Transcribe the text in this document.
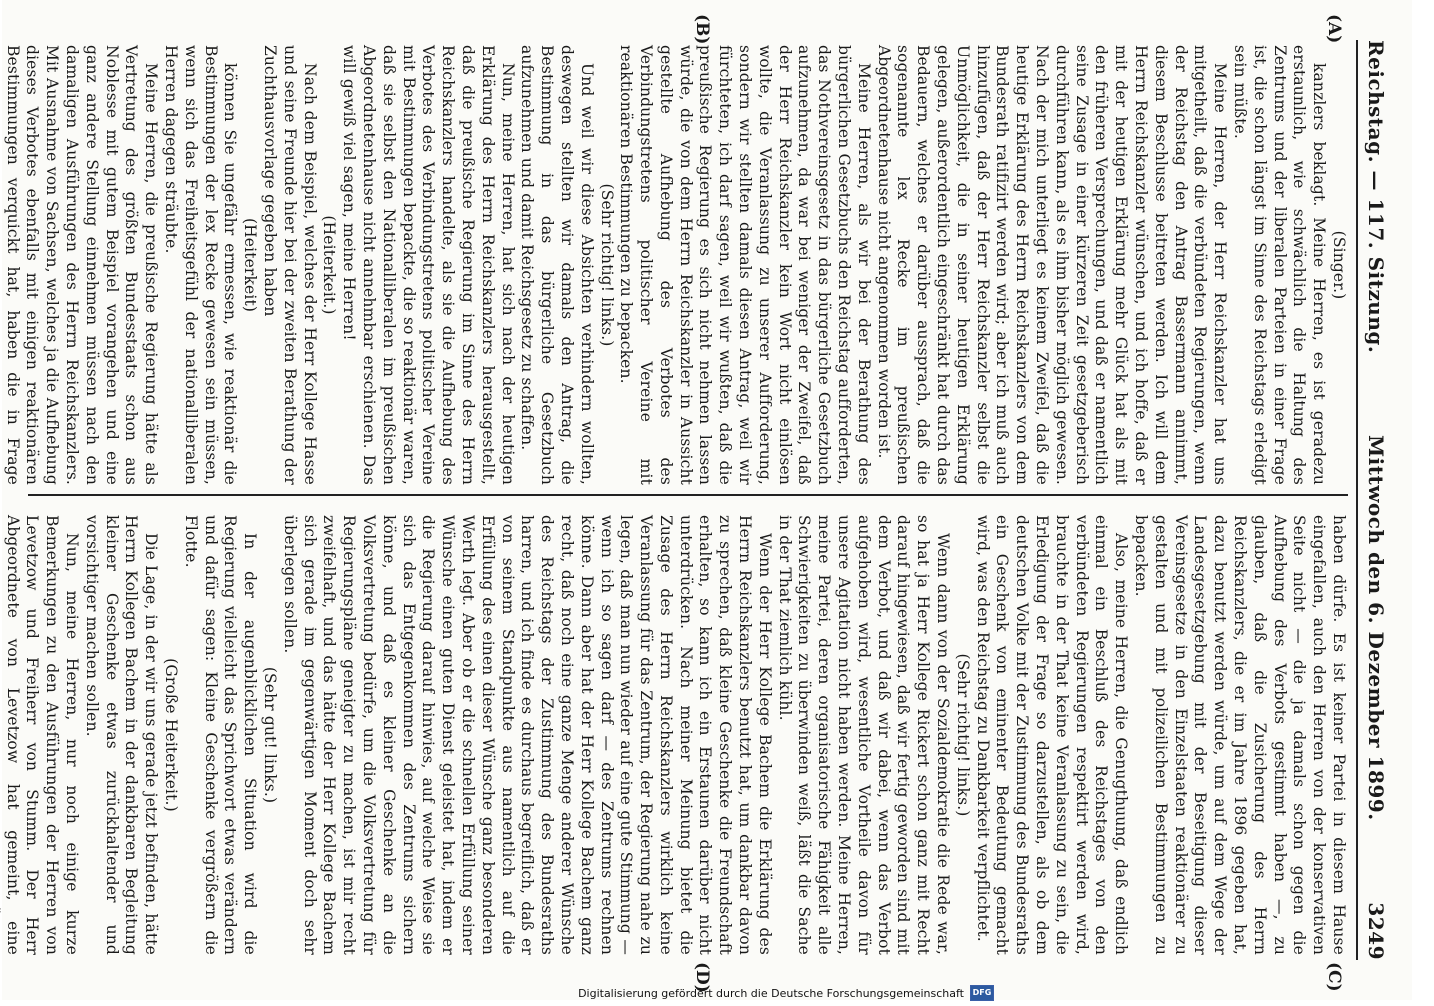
Reichstag. — 117. Sitzung.
Mittwoch den 6. Dezember 1899.
3249
(A)
(B)
(C)
(D)

(Singer.)

kanzlers beklagt. Meine Herren, es ist geradezu erstaunlich, wie schwächlich die Haltung des Zentrums und der liberalen Parteien in einer Frage ist, die schon längst im Sinne des Reichstags erledigt sein müßte.

Meine Herren, der Herr Reichskanzler hat uns mitgetheilt, daß die verbündeten Regierungen, wenn der Reichstag den Antrag Bassermann annimmt, diesem Beschlusse beitreten werden. Ich will dem Herrn Reichskanzler wünschen, und ich hoffe, daß er mit der heutigen Erklärung mehr Glück hat als mit den früheren Versprechungen, und daß er namentlich seine Zusage in einer kürzeren Zeit gesetzgeberisch durchführen kann, als es ihm bisher möglich gewesen. Nach der mich unterliegt es keinem Zweifel, daß die heutige Erklärung des Herrn Reichskanzlers von dem Bundesrath ratifizirt werden wird; aber ich muß auch hinzufügen, daß der Herr Reichskanzler selbst die Unmöglichkeit, die in seiner heutigen Erklärung gelegen, außerordentlich eingeschränkt hat durch das Bedauern, welches er darüber aussprach, daß die sogenannte lex Recke im preußischen Abgeordnetenhause nicht angenommen worden ist.

Meine Herren, als wir bei der Berathung des bürgerlichen Gesetzbuchs den Reichstag aufforderten, das Nothvereinsgesetz in das bürgerliche Gesetzbuch aufzunehmen, da war bei weniger der Zweifel, daß der Herr Reichskanzler kein Wort nicht einlösen wollte, die Veranlassung zu unserer Aufforderung, sondern wir stellten damals diesen Antrag, weil wir fürchteten, ich darf sagen, weil wir wußten, daß die preußische Regierung es sich nicht nehmen lassen würde, die von dem Herrn Reichskanzler in Aussicht gestellte Aufhebung des Verbotes des Verbindungstretens politischer Vereine mit reaktionären Bestimmungen zu bepacken.

(Sehr richtig! links.)

Und weil wir diese Absichten verhindern wollten, deswegen stellten wir damals den Antrag, die Bestimmung in das bürgerliche Gesetzbuch aufzunehmen und damit Reichsgesetz zu schaffen.

Nun, meine Herren, hat sich nach der heutigen Erklärung des Herrn Reichskanzlers herausgestellt, daß die preußische Regierung im Sinne des Herrn Reichskanzlers handelte, als sie die Aufhebung des Verbotes des Verbindungstretens politischer Vereine mit Bestimmungen bepackte, die so reaktionär waren, daß sie selbst den Nationalliberalen im preußischen Abgeordnetenhause nicht annehmbar erschienen. Das will gewiß viel sagen, meine Herren!

(Heiterkeit.)

Nach dem Beispiel, welches der Herr Kollege Hasse und seine Freunde hier bei der zweiten Berathung der Zuchthausvorlage gegeben haben

(Heiterkeit)

können Sie ungefähr ermessen, wie reaktionär die Bestimmungen der lex Recke gewesen sein müssen, wenn sich das Freiheitsgefühl der nationalliberalen Herren dagegen sträubte.

Meine Herren, die preußische Regierung hätte als Vertretung des größten Bundesstaats schon aus Noblesse mit gutem Beispiel vorangehen und eine ganz andere Stellung einnehmen müssen nach den damaligen Ausführungen des Herrn Reichskanzlers. Mit Ausnahme von Sachsen, welches ja die Aufhebung dieses Verbotes ebenfalls mit einigen reaktionären Bestimmungen verquickt hat, haben die in Frage

haben dürfe. Es ist keiner Partei in diesem Hause eingefallen, auch den Herren von der konservativen Seite nicht — die ja damals schon gegen die Aufhebung des Verbots gestimmt haben —, zu glauben, daß die Zusicherung des Herrn Reichskanzlers, die er im Jahre 1896 gegeben hat, dazu benutzt werden würde, um auf dem Wege der Landesgesetzgebung mit der Beseitigung dieser Vereinsgesetze in den Einzelstaaten reaktionärer zu gestalten und mit polizeilichen Bestimmungen zu bepacken.

Also, meine Herren, die Genugthuung, daß endlich einmal ein Beschluß des Reichstages von den verbündeten Regierungen respektirt werden wird, brauchte in der That keine Veranlassung zu sein, die Erledigung der Frage so darzustellen, als ob dem deutschen Volke mit der Zustimmung des Bundesraths ein Geschenk von eminenter Bedeutung gemacht wird, was den Reichstag zu Dankbarkeit verpflichtet.

(Sehr richtig! links.)

Wenn dann von der Sozialdemokratie die Rede war, so hat ja Herr Kollege Rickert schon ganz mit Recht darauf hingewiesen, daß wir fertig geworden sind mit dem Verbot, und daß wir dabei, wenn das Verbot aufgehoben wird, wesentliche Vortheile davon für unsere Agitation nicht haben werden. Meine Herren, meine Partei, deren organisatorische Fähigkeit alle Schwierigkeiten zu überwinden weiß, läßt die Sache in der That ziemlich kühl.

Wenn der Herr Kollege Bachem die Erklärung des Herrn Reichskanzlers benutzt hat, um dankbar davon zu sprechen, daß kleine Geschenke die Freundschaft erhalten, so kann ich ein Erstaunen darüber nicht unterdrücken. Nach meiner Meinung bietet die Zusage des Herrn Reichskanzlers wirklich keine Veranlassung für das Zentrum, der Regierung nahe zu legen, daß man nun wieder auf eine gute Stimmung — wenn ich so sagen darf — des Zentrums rechnen könne. Dann aber hat der Herr Kollege Bachem ganz recht, daß noch eine ganze Menge anderer Wünsche des Reichstags der Zustimmung des Bundesraths harren, und ich finde es durchaus begreiflich, daß er von seinem Standpunkte aus namentlich auf die Erfüllung des einen dieser Wünsche ganz besonderen Werth legt. Aber ob er die schnellen Erfüllung seiner Wünsche einen guten Dienst geleistet hat, indem er die Regierung darauf hinwies, auf welche Weise sie sich das Entgegenkommen des Zentrums sichern könne, und daß es kleiner Geschenke an die Volksvertretung bedürfe, um die Volksvertretung für Regierungspläne geneigter zu machen, ist mir recht zweifelhaft, und das hätte der Herr Kollege Bachem sich gerade im gegenwärtigen Moment doch sehr überlegen sollen.

(Sehr gut! links.)

In der augenblicklichen Situation wird die Regierung vielleicht das Sprichwort etwas verändern und dafür sagen: Kleine Geschenke vergrößern die Flotte.

(Große Heiterkeit.)

Die Lage, in der wir uns gerade jetzt befinden, hätte Herrn Kollegen Bachem in der dankbaren Begleitung kleiner Geschenke etwas zurückhaltender und vorsichtiger machen sollen.

Nun, meine Herren, nur noch einige kurze Bemerkungen zu den Ausführungen der Herren von Levetzow und Freiherr von Stumm. Der Herr Abgeordnete von Levetzow hat gemeint, eine

Digitalisierung gefördert durch die Deutsche Forschungsgemeinschaft	DFG
